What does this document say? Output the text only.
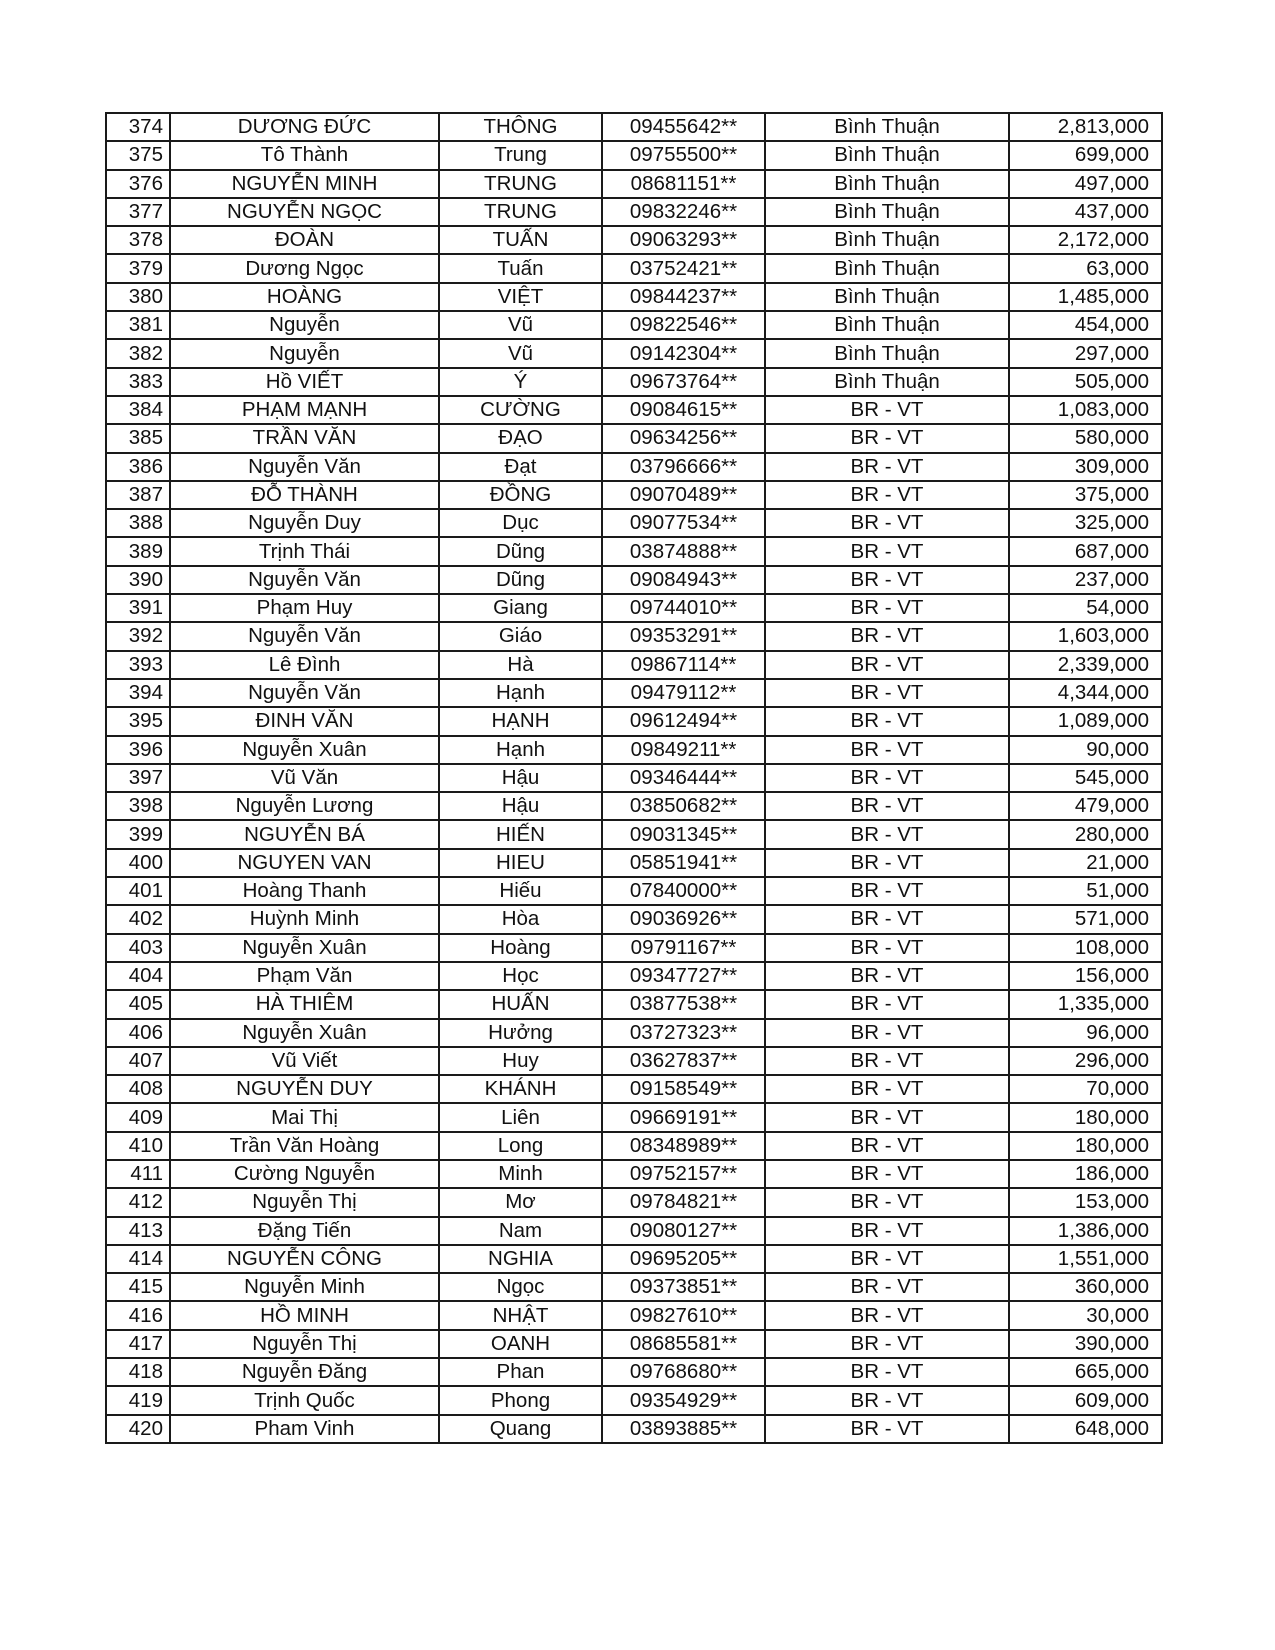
374	DƯƠNG ĐỨC	THÔNG	09455642**	Bình Thuận	2,813,000
375	Tô Thành	Trung	09755500**	Bình Thuận	699,000
376	NGUYỄN MINH	TRUNG	08681151**	Bình Thuận	497,000
377	NGUYỄN NGỌC	TRUNG	09832246**	Bình Thuận	437,000
378	ĐOÀN	TUẤN	09063293**	Bình Thuận	2,172,000
379	Dương Ngọc	Tuấn	03752421**	Bình Thuận	63,000
380	HOÀNG	VIỆT	09844237**	Bình Thuận	1,485,000
381	Nguyễn	Vũ	09822546**	Bình Thuận	454,000
382	Nguyễn	Vũ	09142304**	Bình Thuận	297,000
383	Hồ VIẾT	Ý	09673764**	Bình Thuận	505,000
384	PHẠM MẠNH	CƯỜNG	09084615**	BR - VT	1,083,000
385	TRẦN VĂN	ĐẠO	09634256**	BR - VT	580,000
386	Nguyễn Văn	Đạt	03796666**	BR - VT	309,000
387	ĐỖ THÀNH	ĐỒNG	09070489**	BR - VT	375,000
388	Nguyễn Duy	Dục	09077534**	BR - VT	325,000
389	Trịnh Thái	Dũng	03874888**	BR - VT	687,000
390	Nguyễn Văn	Dũng	09084943**	BR - VT	237,000
391	Phạm Huy	Giang	09744010**	BR - VT	54,000
392	Nguyễn Văn	Giáo	09353291**	BR - VT	1,603,000
393	Lê Đình	Hà	09867114**	BR - VT	2,339,000
394	Nguyễn Văn	Hạnh	09479112**	BR - VT	4,344,000
395	ĐINH VĂN	HẠNH	09612494**	BR - VT	1,089,000
396	Nguyễn Xuân	Hạnh	09849211**	BR - VT	90,000
397	Vũ Văn	Hậu	09346444**	BR - VT	545,000
398	Nguyễn Lương	Hậu	03850682**	BR - VT	479,000
399	NGUYỄN BÁ	HIẾN	09031345**	BR - VT	280,000
400	NGUYEN VAN	HIEU	05851941**	BR - VT	21,000
401	Hoàng Thanh	Hiếu	07840000**	BR - VT	51,000
402	Huỳnh Minh	Hòa	09036926**	BR - VT	571,000
403	Nguyễn Xuân	Hoàng	09791167**	BR - VT	108,000
404	Phạm Văn	Học	09347727**	BR - VT	156,000
405	HÀ THIÊM	HUẤN	03877538**	BR - VT	1,335,000
406	Nguyễn Xuân	Hưởng	03727323**	BR - VT	96,000
407	Vũ Viết	Huy	03627837**	BR - VT	296,000
408	NGUYỄN DUY	KHÁNH	09158549**	BR - VT	70,000
409	Mai Thị	Liên	09669191**	BR - VT	180,000
410	Trần Văn Hoàng	Long	08348989**	BR - VT	180,000
411	Cường Nguyễn	Minh	09752157**	BR - VT	186,000
412	Nguyễn Thị	Mơ	09784821**	BR - VT	153,000
413	Đặng Tiến	Nam	09080127**	BR - VT	1,386,000
414	NGUYỄN CÔNG	NGHIA	09695205**	BR - VT	1,551,000
415	Nguyễn Minh	Ngọc	09373851**	BR - VT	360,000
416	HỒ MINH	NHẬT	09827610**	BR - VT	30,000
417	Nguyễn Thị	OANH	08685581**	BR - VT	390,000
418	Nguyễn Đăng	Phan	09768680**	BR - VT	665,000
419	Trịnh Quốc	Phong	09354929**	BR - VT	609,000
420	Pham Vinh	Quang	03893885**	BR - VT	648,000
